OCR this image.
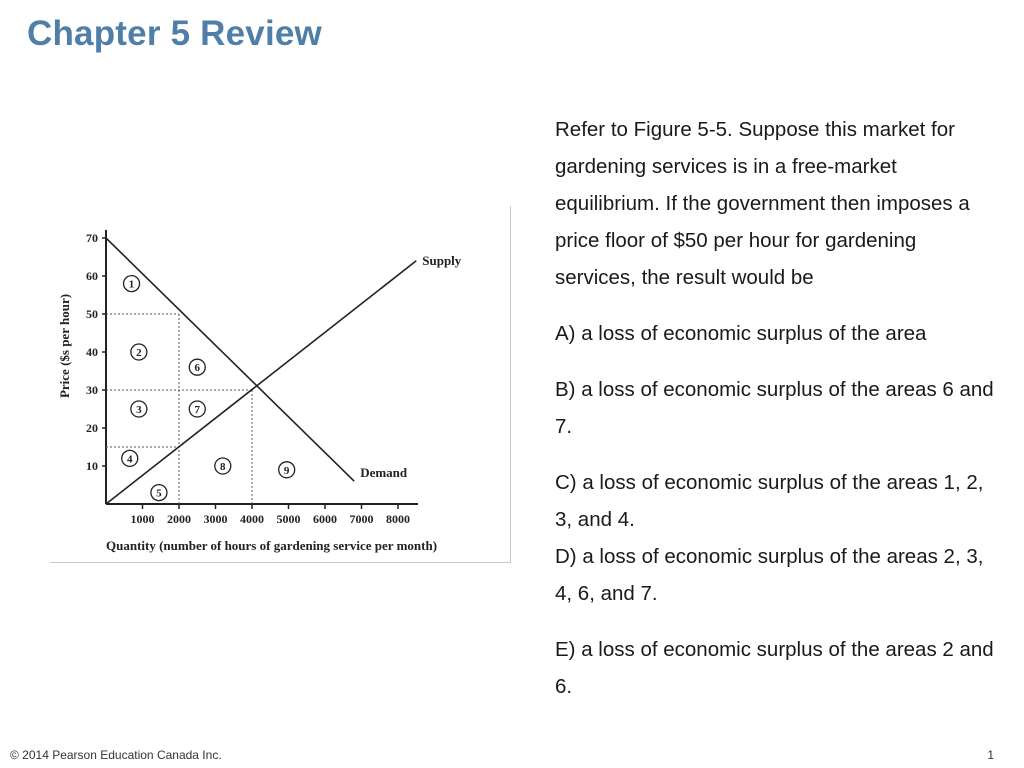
Chapter 5 Review
Price ($s per hour)
Quantity (number of hours of gardening service per month)
10
20
30
40
50
60
70
1000 2000 3000 4000 5000 6000 7000 8000
Supply
Demand
1
2
3
4
5
6
7
8	9

Refer to Figure 5-5. Suppose this market for gardening services is in a free-market equilibrium. If the government then imposes a price floor of $50 per hour for gardening services, the result would be

A) a loss of economic surplus of the area

B) a loss of economic surplus of the areas 6 and 7.

C) a loss of economic surplus of the areas 1, 2, 3, and 4.

D) a loss of economic surplus of the areas 2, 3, 4, 6, and 7.

E) a loss of economic surplus of the areas 2 and 6.

© 2014 Pearson Education Canada Inc.	1
